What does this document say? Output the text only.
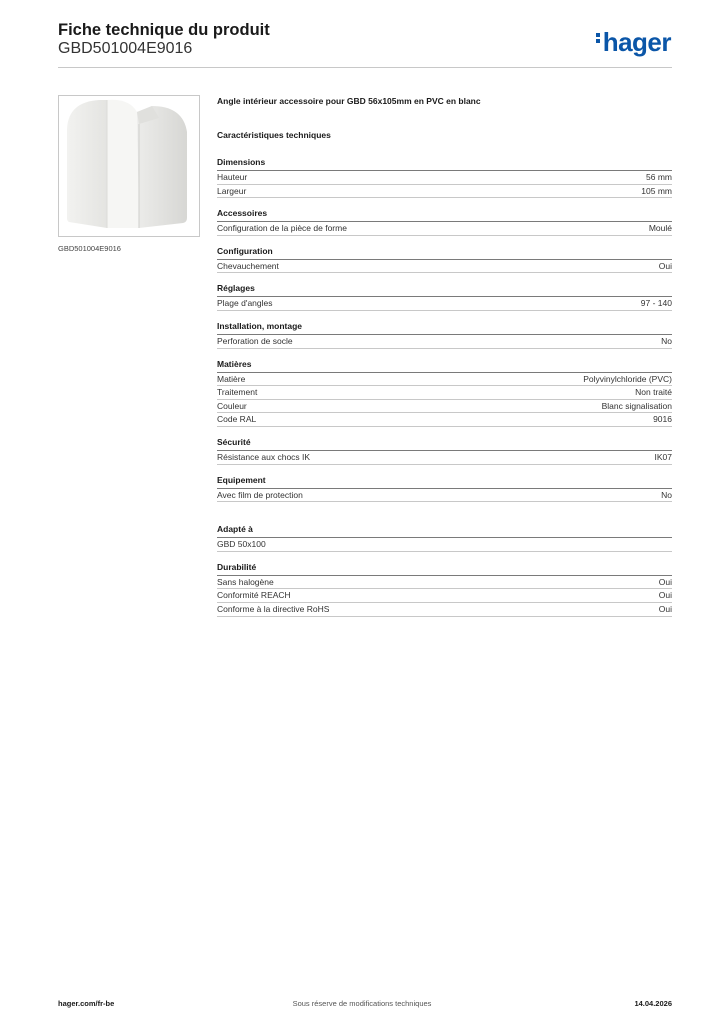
Fiche technique du produit
GBD501004E9016	hager
GBD501004E9016
Angle intérieur accessoire pour GBD 56x105mm en PVC en blanc
Caractéristiques techniques
Dimensions
Hauteur	56 mm
Largeur	105 mm
Accessoires
Configuration de la pièce de forme	Moulé
Configuration
Chevauchement	Oui
Réglages
Plage d'angles	97 - 140
Installation, montage
Perforation de socle	No
Matières
Matière	Polyvinylchloride (PVC)
Traitement	Non traité
Couleur	Blanc signalisation
Code RAL	9016
Sécurité
Résistance aux chocs IK	IK07
Equipement
Avec film de protection	No
Adapté à
GBD 50x100
Durabilité
Sans halogène	Oui
Conformité REACH	Oui
Conforme à la directive RoHS	Oui
hager.com/fr-be	Sous réserve de modifications techniques	14.04.2026
